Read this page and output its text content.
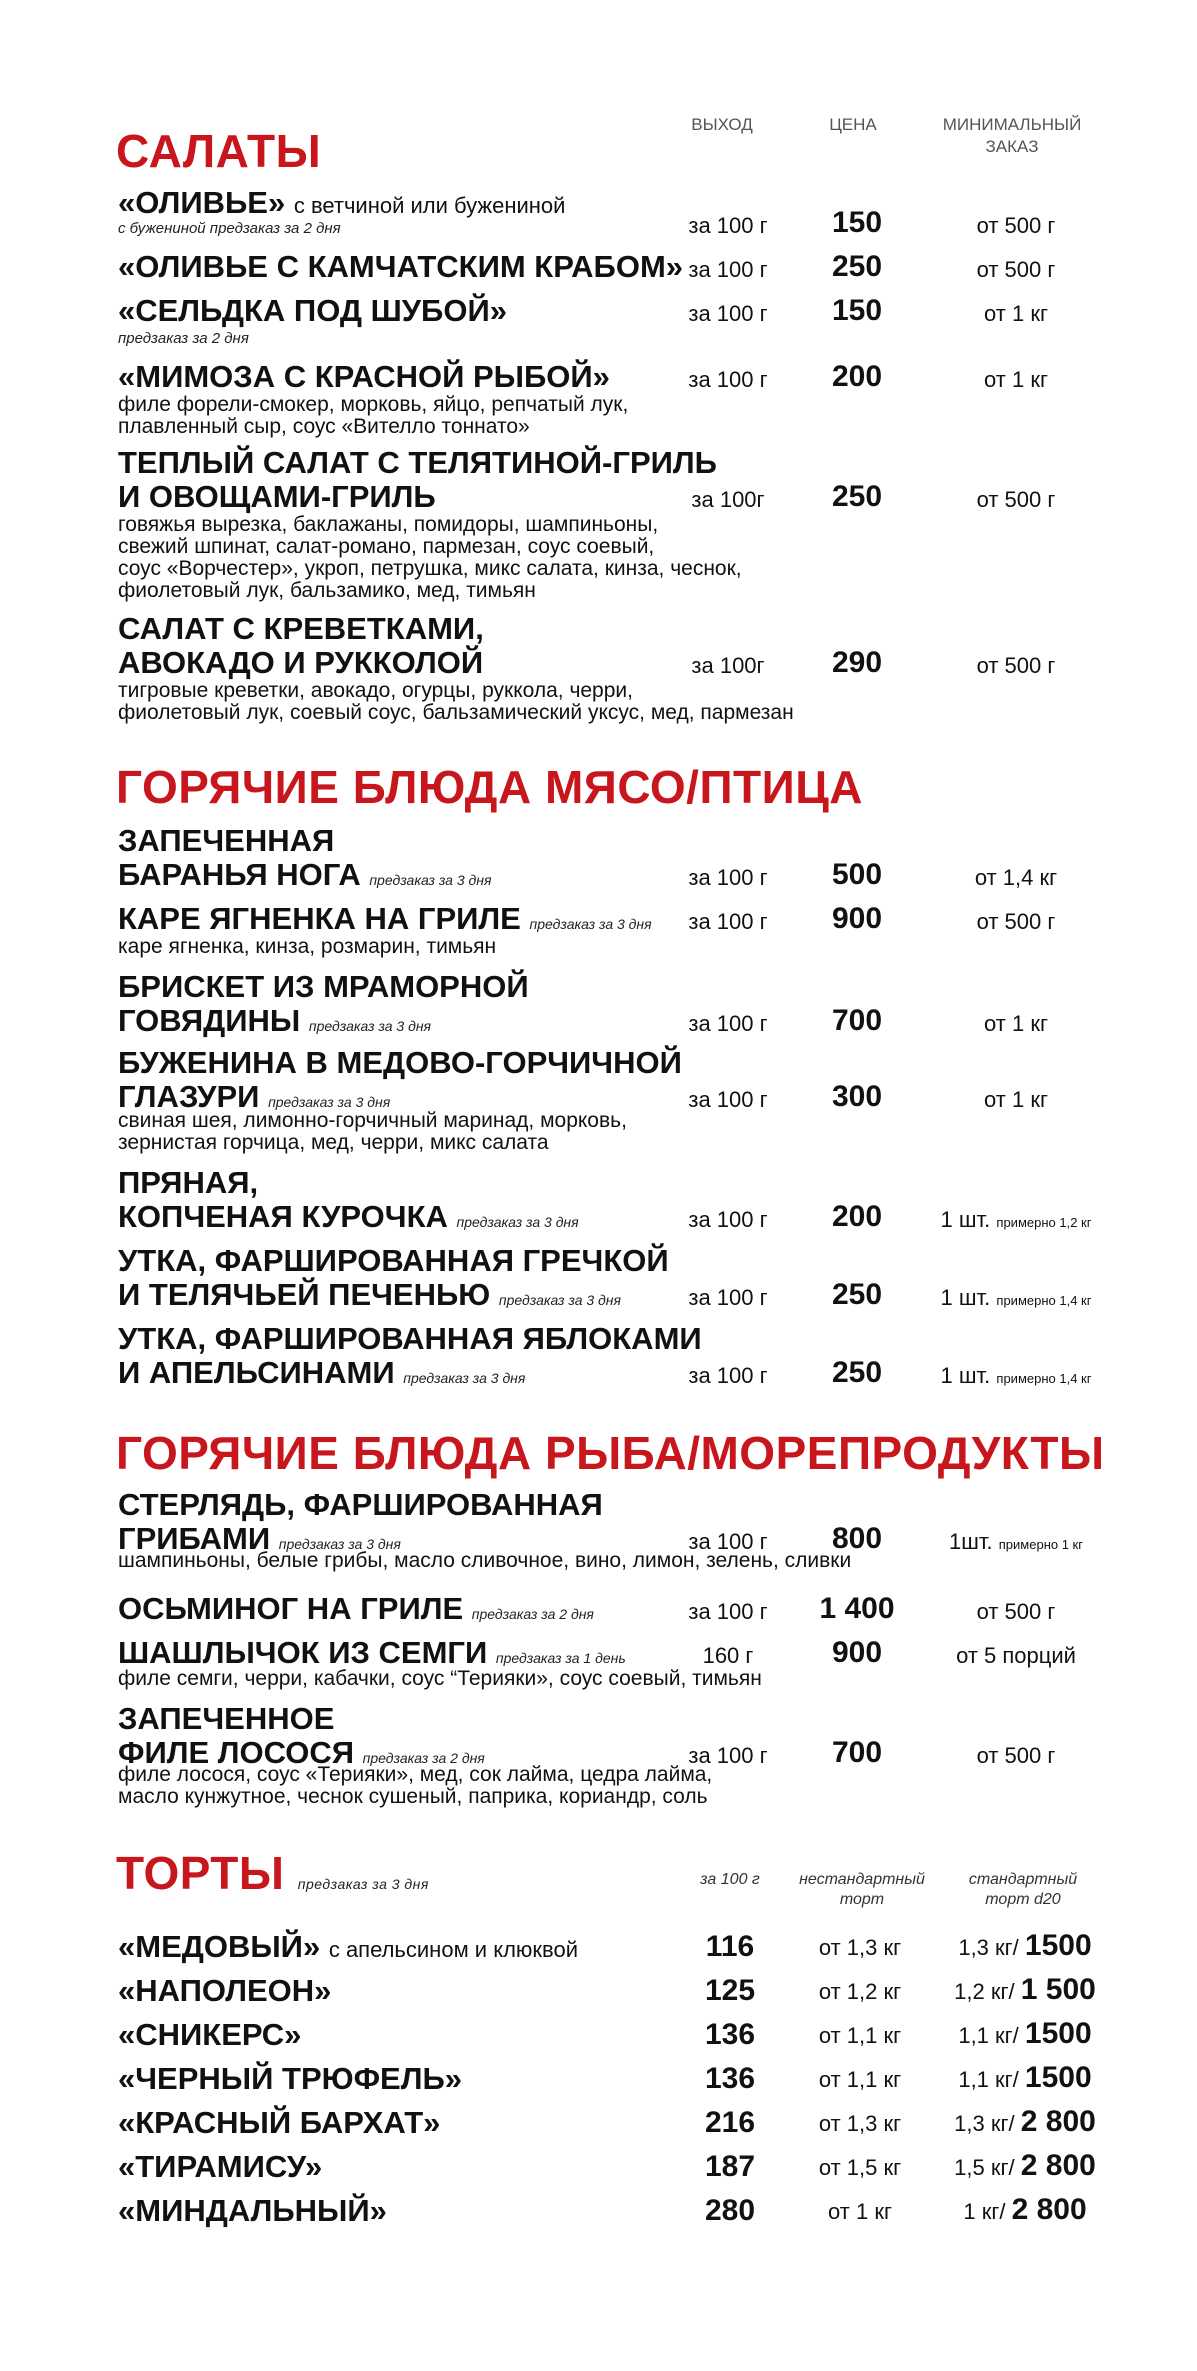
ВЫХОД	ЦЕНА	МИНИМАЛЬНЫЙ
ЗАКАЗ
САЛАТЫ
«ОЛИВЬЕ» с ветчиной или бужениной
с бужениной предзаказ за 2 дня	за 100 г	150	от 500 г
«ОЛИВЬЕ С КАМЧАТСКИМ КРАБОМ» за 100 г	250	от 500 г
«СЕЛЬДКА ПОД ШУБОЙ»
предзаказ за 2 дня
за 100 г	150	от 1 кг
«МИМОЗА С КРАСНОЙ РЫБОЙ»
филе форели-смокер, морковь, яйцо, репчатый лук,
плавленный сыр, соус «Вителло тоннато»
за 100 г	200	от 1 кг
ТЕПЛЫЙ САЛАТ С ТЕЛЯТИНОЙ-ГРИЛЬ
И ОВОЩАМИ-ГРИЛЬ
говяжья вырезка, баклажаны, помидоры, шампиньоны,
свежий шпинат, салат-романо, пармезан, соус соевый,
соус «Ворчестер», укроп, петрушка, микс салата, кинза, чеснок,
фиолетовый лук, бальзамико, мед, тимьян
за 100г	250	от 500 г
САЛАТ С КРЕВЕТКАМИ,
АВОКАДО И РУККОЛОЙ
тигровые креветки, авокадо, огурцы, руккола, черри,
фиолетовый лук, соевый соус, бальзамический уксус, мед, пармезан
за 100г	290	от 500 г
ГОРЯЧИЕ БЛЮДА МЯСО/ПТИЦА
ЗАПЕЧЕННАЯ
БАРАНЬЯ НОГА предзаказ за 3 дня	за 100 г	500	от 1,4 кг
КАРЕ ЯГНЕНКА НА ГРИЛЕ предзаказ за 3 дня
каре ягненка, кинза, розмарин, тимьян
за 100 г	900	от 500 г
БРИСКЕТ ИЗ МРАМОРНОЙ
ГОВЯДИНЫ предзаказ за 3 дня	за 100 г	700	от 1 кг
БУЖЕНИНА В МЕДОВО-ГОРЧИЧНОЙ
ГЛАЗУРИ предзаказ за 3 дня
свиная шея, лимонно-горчичный маринад, морковь,
зернистая горчица, мед, черри, микс салата
за 100 г	300	от 1 кг
ПРЯНАЯ,
КОПЧЕНАЯ КУРОЧКА предзаказ за 3 дня	за 100 г	200	1 шт. примерно 1,2 кг
УТКА, ФАРШИРОВАННАЯ ГРЕЧКОЙ
И ТЕЛЯЧЬЕЙ ПЕЧЕНЬЮ предзаказ за 3 дня	за 100 г	250	1 шт. примерно 1,4 кг
УТКА, ФАРШИРОВАННАЯ ЯБЛОКАМИ
И АПЕЛЬСИНАМИ предзаказ за 3 дня	за 100 г	250	1 шт. примерно 1,4 кг
ГОРЯЧИЕ БЛЮДА РЫБА/МОРЕПРОДУКТЫ
СТЕРЛЯДЬ, ФАРШИРОВАННАЯ
ГРИБАМИ предзаказ за 3 дня
шампиньоны, белые грибы, масло сливочное, вино, лимон, зелень, сливки
за 100 г	800	1шт. примерно 1 кг
ОСЬМИНОГ НА ГРИЛЕ предзаказ за 2 дня	за 100 г	1 400	от 500 г
ШАШЛЫЧОК ИЗ СЕМГИ предзаказ за 1 день
филе семги, черри, кабачки, соус “Терияки», соус соевый, тимьян
160 г	900	от 5 порций
ЗАПЕЧЕННОЕ
ФИЛЕ ЛОСОСЯ предзаказ за 2 дня
филе лосося, соус «Терияки», мед, сок лайма, цедра лайма,
масло кунжутное, чеснок сушеный, паприка, кориандр, соль
за 100 г	700	от 500 г
ТОРТЫ предзаказ за 3 дня	за 100 г	нестандартный
торт
стандартный
торт d20
«МЕДОВЫЙ» с апельсином и клюквой	116	от 1,3 кг	1,3 кг/ 1500
«НАПОЛЕОН»	125	от 1,2 кг	1,2 кг/ 1 500
«СНИКЕРС»	136	от 1,1 кг	1,1 кг/ 1500
«ЧЕРНЫЙ ТРЮФЕЛЬ»	136	от 1,1 кг	1,1 кг/ 1500
«КРАСНЫЙ БАРХАТ»	216	от 1,3 кг	1,3 кг/ 2 800
«ТИРАМИСУ»	187	от 1,5 кг	1,5 кг/ 2 800
«МИНДАЛЬНЫЙ»	280	от 1 кг	1 кг/ 2 800
